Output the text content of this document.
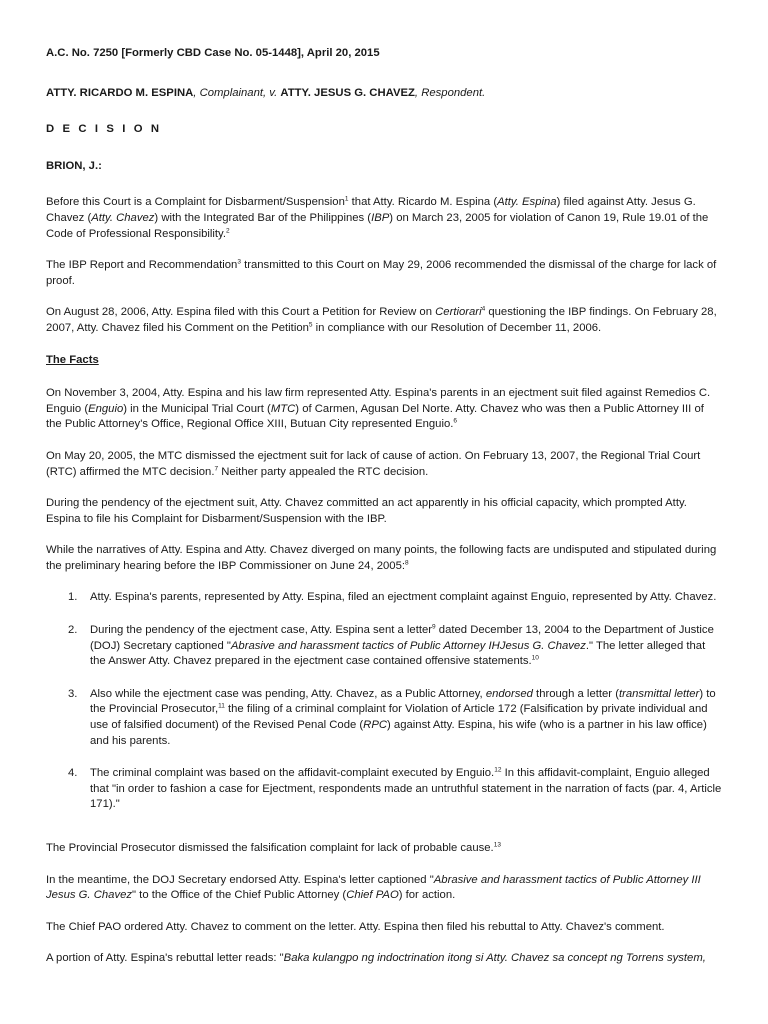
A.C. No. 7250 [Formerly CBD Case No. 05-1448], April 20, 2015

ATTY. RICARDO M. ESPINA, Complainant, v. ATTY. JESUS G. CHAVEZ, Respondent.

D E C I S I O N

BRION, J.:

Before this Court is a Complaint for Disbarment/Suspension$^1$ that Atty. Ricardo M. Espina (Atty. Espina) filed against Atty. Jesus G. Chavez (Atty. Chavez) with the Integrated Bar of the Philippines (IBP) on March 23, 2005 for violation of Canon 19, Rule 19.01 of the Code of Professional Responsibility.$^2$

The IBP Report and Recommendation$^3$ transmitted to this Court on May 29, 2006 recommended the dismissal of the charge for lack of proof.

On August 28, 2006, Atty. Espina filed with this Court a Petition for Review on Certiorari$^4$ questioning the IBP findings. On February 28, 2007, Atty. Chavez filed his Comment on the Petition$^5$ in compliance with our Resolution of December 11, 2006.

The Facts

On November 3, 2004, Atty. Espina and his law firm represented Atty. Espina's parents in an ejectment suit filed against Remedios C. Enguio (Enguio) in the Municipal Trial Court (MTC) of Carmen, Agusan Del Norte. Atty. Chavez who was then a Public Attorney III of the Public Attorney's Office, Regional Office XIII, Butuan City represented Enguio.$^6$

On May 20, 2005, the MTC dismissed the ejectment suit for lack of cause of action. On February 13, 2007, the Regional Trial Court (RTC) affirmed the MTC decision.$^7$ Neither party appealed the RTC decision.

During the pendency of the ejectment suit, Atty. Chavez committed an act apparently in his official capacity, which prompted Atty. Espina to file his Complaint for Disbarment/Suspension with the IBP.

While the narratives of Atty. Espina and Atty. Chavez diverged on many points, the following facts are undisputed and stipulated during the preliminary hearing before the IBP Commissioner on June 24, 2005:$^8$

1. Atty. Espina's parents, represented by Atty. Espina, filed an ejectment complaint against Enguio, represented by Atty. Chavez.
2. During the pendency of the ejectment case, Atty. Espina sent a letter$^9$ dated December 13, 2004 to the Department of Justice (DOJ) Secretary captioned "Abrasive and harassment tactics of Public Attorney IHJesus G. Chavez." The letter alleged that the Answer Atty. Chavez prepared in the ejectment case contained offensive statements.$^{10}$
3. Also while the ejectment case was pending, Atty. Chavez, as a Public Attorney, endorsed through a letter (transmittal letter) to the Provincial Prosecutor,$^{11}$ the filing of a criminal complaint for Violation of Article 172 (Falsification by private individual and use of falsified document) of the Revised Penal Code (RPC) against Atty. Espina, his wife (who is a partner in his law office) and his parents.
4. The criminal complaint was based on the affidavit-complaint executed by Enguio.$^{12}$ In this affidavit-complaint, Enguio alleged that "in order to fashion a case for Ejectment, respondents made an untruthful statement in the narration of facts (par. 4, Article 171)."

The Provincial Prosecutor dismissed the falsification complaint for lack of probable cause.$^{13}$

In the meantime, the DOJ Secretary endorsed Atty. Espina's letter captioned "Abrasive and harassment tactics of Public Attorney III Jesus G. Chavez" to the Office of the Chief Public Attorney (Chief PAO) for action.

The Chief PAO ordered Atty. Chavez to comment on the letter. Atty. Espina then filed his rebuttal to Atty. Chavez's comment.

A portion of Atty. Espina's rebuttal letter reads: "Baka kulangpo ng indoctrination itong si Atty. Chavez sa concept ng Torrens system,
